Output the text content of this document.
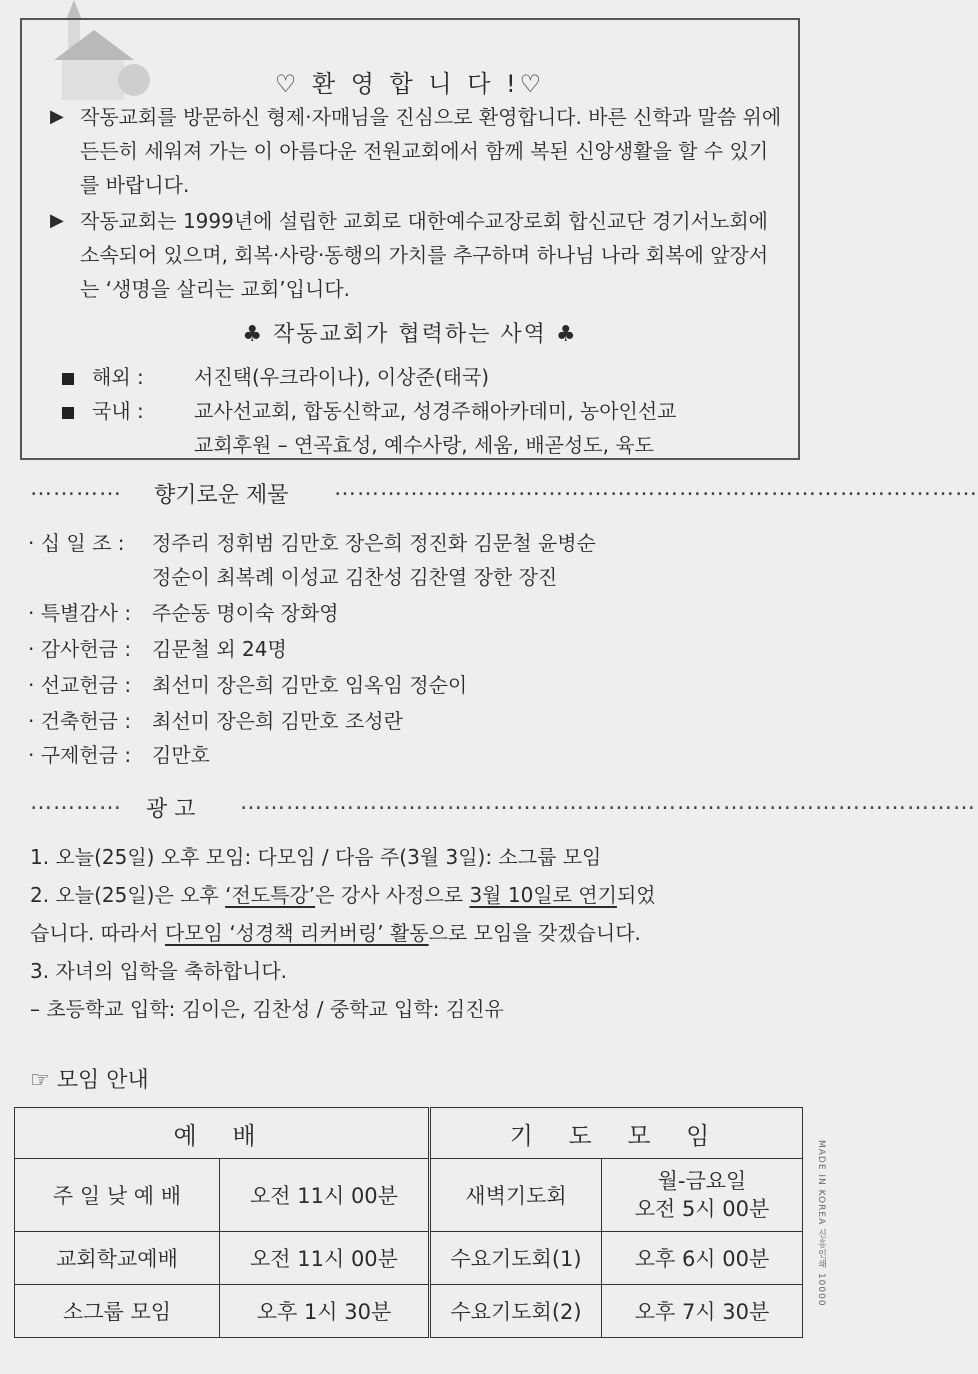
♡ 환 영 합 니 다 !♡
▶ 작동교회를 방문하신 형제·자매님을 진심으로 환영합니다. 바른 신학과 말씀 위에 든든히 세워져 가는 이 아름다운 전원교회에서 함께 복된 신앙생활을 할 수 있기를 바랍니다.
▶ 작동교회는 1999년에 설립한 교회로 대한예수교장로회 합신교단 경기서노회에 소속되어 있으며, 회복·사랑·동행의 가치를 추구하며 하나님 나라 회복에 앞장서는 ‘생명을 살리는 교회’입니다.
♣ 작동교회가 협력하는 사역 ♣
해외 :	서진택(우크라이나), 이상준(태국)
국내 :	교사선교회, 합동신학교, 성경주해아카데미, 농아인선교
교회후원 – 연곡효성, 예수사랑, 세움, 배곧성도, 육도
………… 향기로운 제물 …………………………………………………………………………
· 십 일 조 : 정주리 정휘범 김만호 장은희 정진화 김문철 윤병순
정순이 최복례 이성교 김찬성 김찬열 장한 장진
· 특별감사 : 주순동 명이숙 장화영
· 감사헌금 : 김문철 외 24명
· 선교헌금 : 최선미 장은희 김만호 임옥임 정순이
· 건축헌금 : 최선미 장은희 김만호 조성란
· 구제헌금 : 김만호
………… 광 고 ……………………………………………………………………………………
1. 오늘(25일) 오후 모임: 다모임 / 다음 주(3월 3일): 소그룹 모임
2. 오늘(25일)은 오후 ‘전도특강’은 강사 사정으로 3월 10일로 연기되었
습니다. 따라서 다모임 ‘성경책 리커버링’ 활동으로 모임을 갖겠습니다.
3. 자녀의 입학을 축하합니다.
– 초등학교 입학: 김이은, 김찬성 / 중학교 입학: 김진유
☞ 모임 안내
예 배		기 도 모 임	
주 일 낮 예 배	오전 11시 00분	새벽기도회	월-금요일
오전 5시 00분

교회학교예배	오전 11시 00분	수요기도회(1)	오후 6시 00분
소그룹 모임	오후 1시 30분	수요기도회(2)	오후 7시 30분
MADE IN KOREA 신흥인쇄 10000
